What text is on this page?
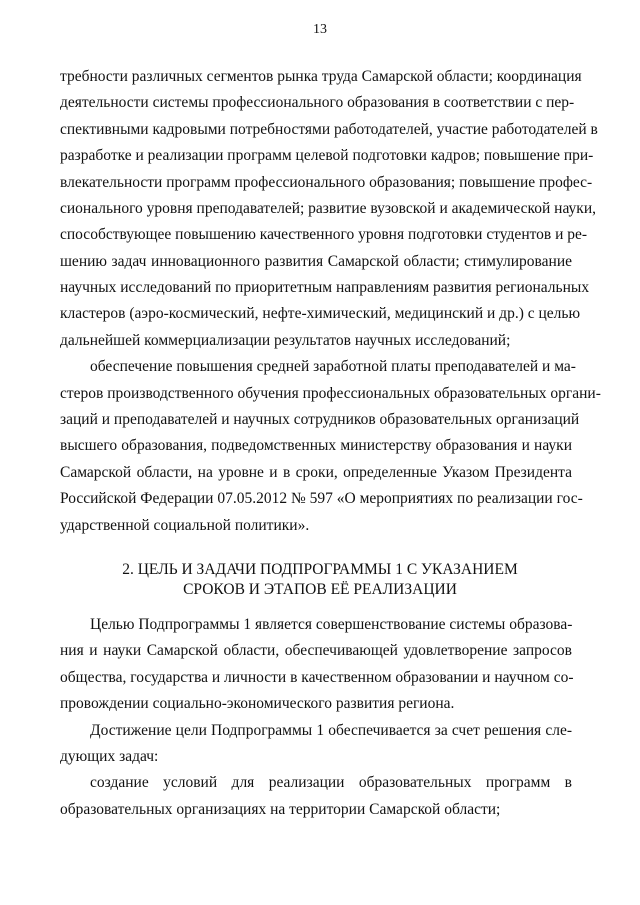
13
требности различных сегментов рынка труда Самарской области; координация
деятельности системы профессионального образования в соответствии с пер-
спективными кадровыми потребностями работодателей, участие работодателей в
разработке и реализации программ целевой подготовки кадров; повышение при-
влекательности программ профессионального образования; повышение профес-
сионального уровня преподавателей; развитие вузовской и академической науки,
способствующее повышению качественного уровня подготовки студентов и ре-
шению задач инновационного развития Самарской области; стимулирование
научных исследований по приоритетным направлениям развития региональных
кластеров (аэро-космический, нефте-химический, медицинский и др.) с целью
дальнейшей коммерциализации результатов научных исследований;
обеспечение повышения средней заработной платы преподавателей и ма-
стеров производственного обучения профессиональных образовательных органи-
заций и преподавателей и научных сотрудников образовательных организаций
высшего образования, подведомственных министерству образования и науки
Самарской области, на уровне и в сроки, определенные Указом Президента
Российской Федерации 07.05.2012 № 597 «О мероприятиях по реализации гос-
ударственной социальной политики».
2. ЦЕЛЬ И ЗАДАЧИ ПОДПРОГРАММЫ 1 С УКАЗАНИЕМ
СРОКОВ И ЭТАПОВ ЕЁ РЕАЛИЗАЦИИ
Целью Подпрограммы 1 является совершенствование системы образова-
ния и науки Самарской области, обеспечивающей удовлетворение запросов
общества, государства и личности в качественном образовании и научном со-
провождении социально-экономического развития региона.
Достижение цели Подпрограммы 1 обеспечивается за счет решения сле-
дующих задач:
создание условий для реализации образовательных программ в
образовательных организациях на территории Самарской области;
